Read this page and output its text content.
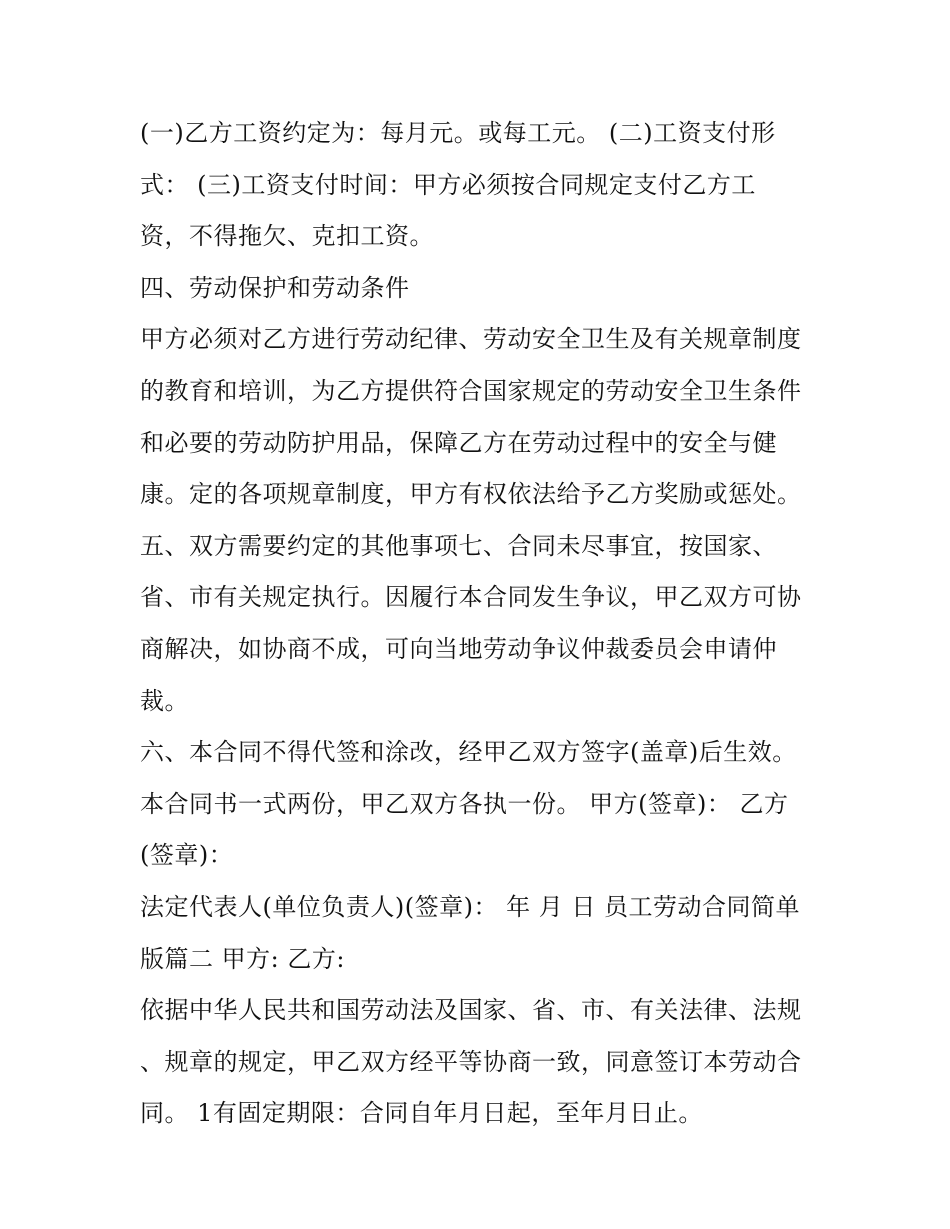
(一)乙方工资约定为：每月元。或每工元。 (二)工资支付形
式： (三)工资支付时间：甲方必须按合同规定支付乙方工
资，不得拖欠、克扣工资。
四、劳动保护和劳动条件
甲方必须对乙方进行劳动纪律、劳动安全卫生及有关规章制度
的教育和培训，为乙方提供符合国家规定的劳动安全卫生条件
和必要的劳动防护用品，保障乙方在劳动过程中的安全与健
康。定的各项规章制度，甲方有权依法给予乙方奖励或惩处。
五、双方需要约定的其他事项七、合同未尽事宜，按国家、
省、市有关规定执行。因履行本合同发生争议，甲乙双方可协
商解决，如协商不成，可向当地劳动争议仲裁委员会申请仲
裁。
六、本合同不得代签和涂改，经甲乙双方签字(盖章)后生效。
本合同书一式两份，甲乙双方各执一份。 甲方(签章)： 乙方
(签章)：
法定代表人(单位负责人)(签章)： 年 月 日 员工劳动合同简单
版篇二 甲方: 乙方:
依据中华人民共和国劳动法及国家、省、市、有关法律、法规
、规章的规定，甲乙双方经平等协商一致，同意签订本劳动合
同。 1有固定期限：合同自年月日起，至年月日止。
